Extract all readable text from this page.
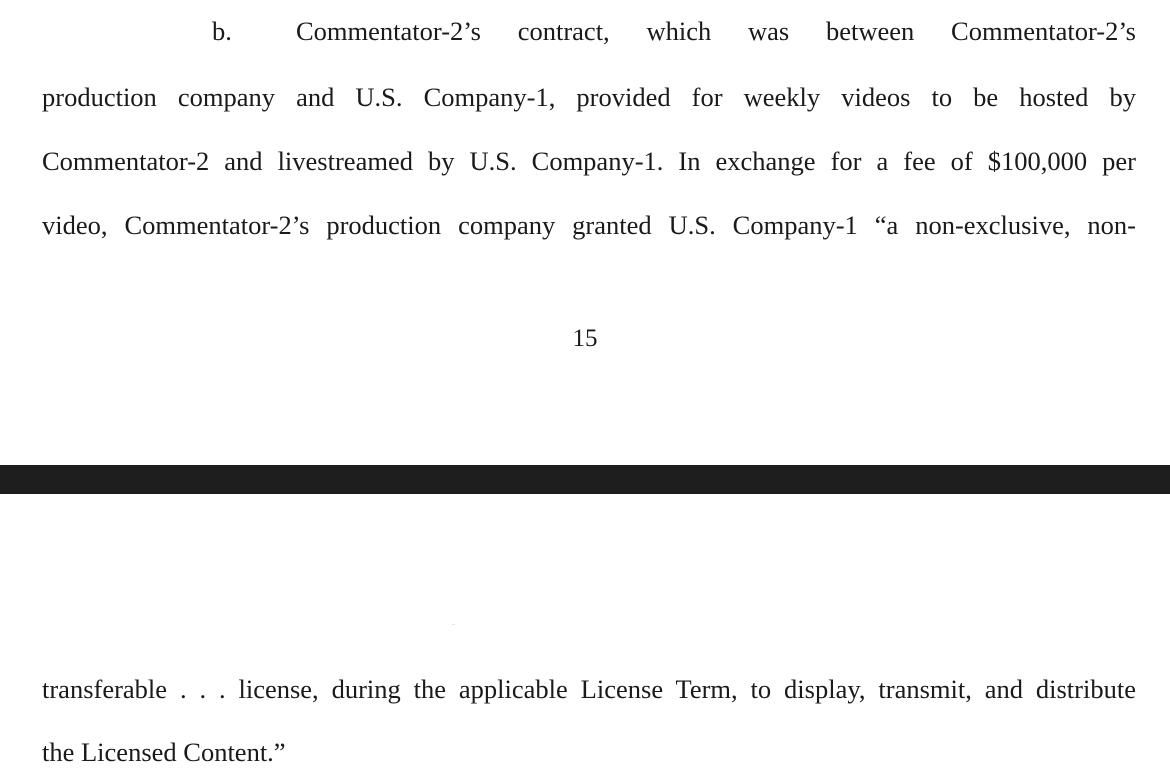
b.	Commentator-2’s contract, which was between Commentator-2’s
production company and U.S. Company-1, provided for weekly videos to be hosted by
Commentator-2 and livestreamed by U.S. Company-1. In exchange for a fee of $100,000 per
video, Commentator-2’s production company granted U.S. Company-1 “a non-exclusive, non-
15
transferable . . . license, during the applicable License Term, to display, transmit, and distribute
the Licensed Content.”
